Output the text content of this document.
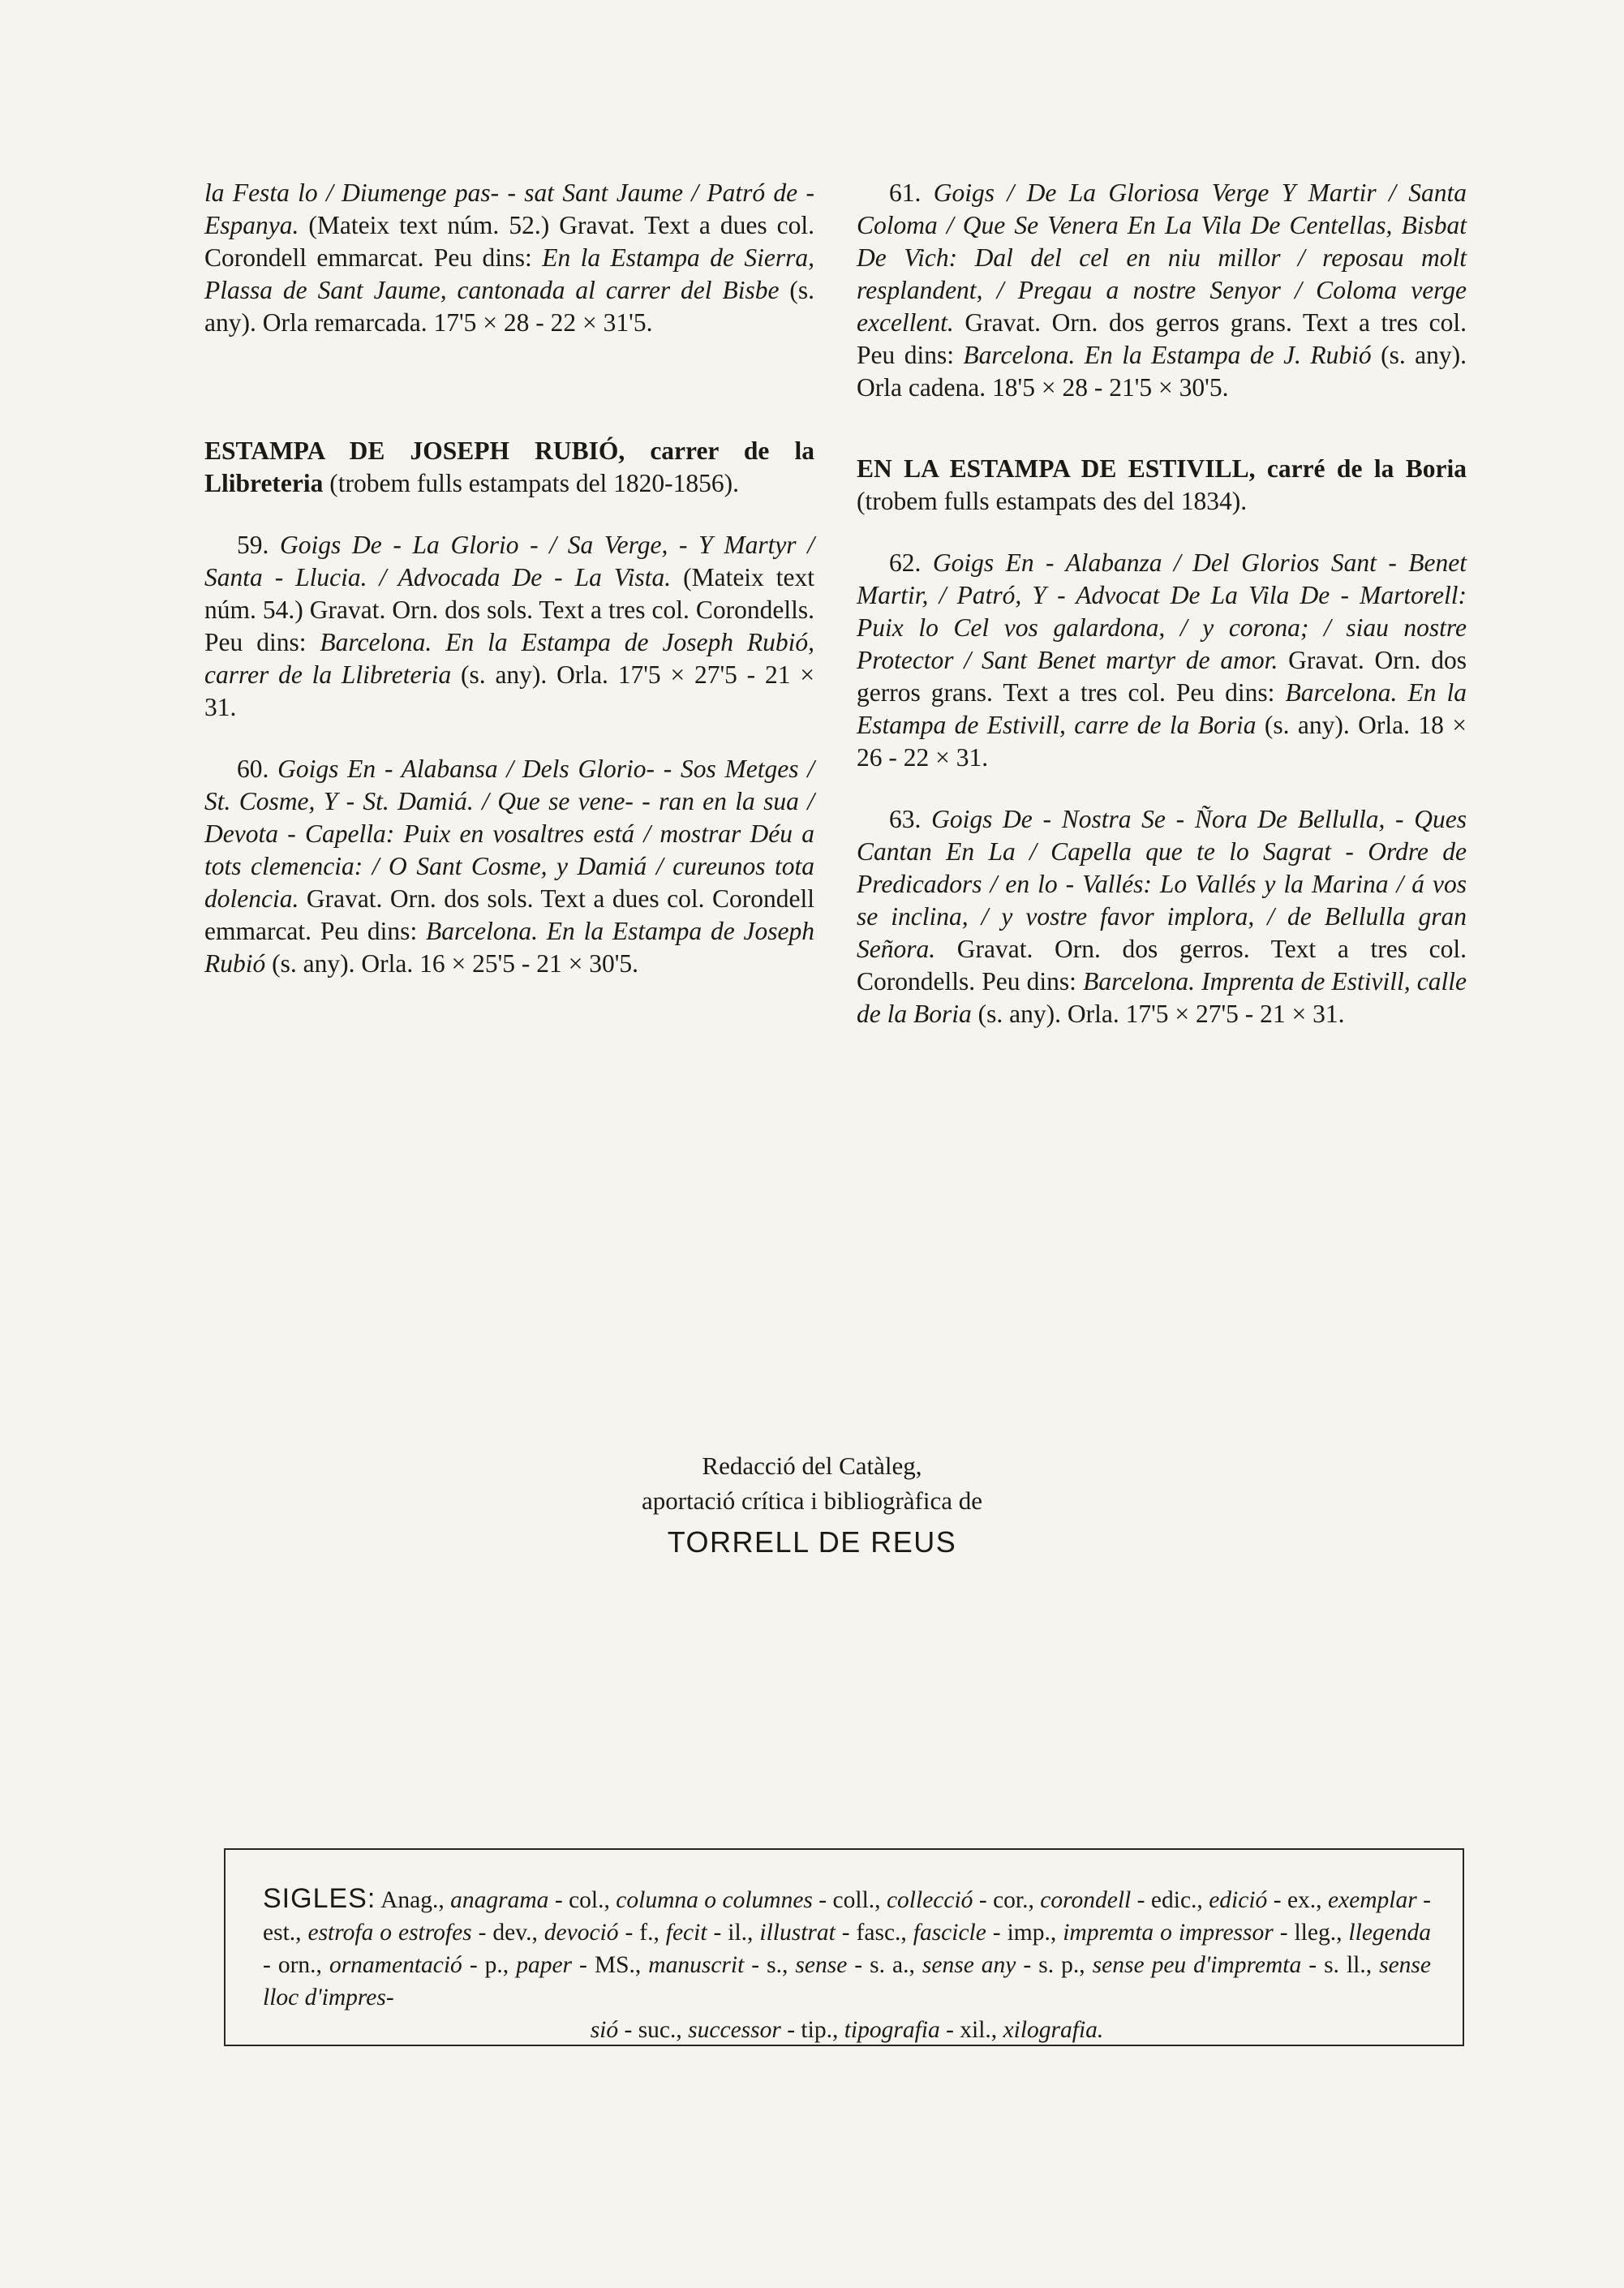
la Festa lo / Diumenge pas- - sat Sant Jaume / Patró de - Espanya. (Mateix text núm. 52.) Gravat. Text a dues col. Corondell emmarcat. Peu dins: En la Estampa de Sierra, Plassa de Sant Jaume, cantonada al carrer del Bisbe (s. any). Orla remarcada. 17'5 × 28 - 22 × 31'5.

ESTAMPA DE JOSEPH RUBIÓ, carrer de la Llibreteria (trobem fulls estampats del 1820-1856).

59. Goigs De - La Glorio - / Sa Verge, - Y Martyr / Santa - Llucia. / Advocada De - La Vista. (Mateix text núm. 54.) Gravat. Orn. dos sols. Text a tres col. Corondells. Peu dins: Barcelona. En la Estampa de Joseph Rubió, carrer de la Llibreteria (s. any). Orla. 17'5 × 27'5 - 21 × 31.

60. Goigs En - Alabansa / Dels Glorio- - Sos Metges / St. Cosme, Y - St. Damiá. / Que se vene- - ran en la sua / Devota - Capella: Puix en vosaltres está / mostrar Déu a tots clemencia: / O Sant Cosme, y Damiá / cureunos tota dolencia. Gravat. Orn. dos sols. Text a dues col. Corondell emmarcat. Peu dins: Barcelona. En la Estampa de Joseph Rubió (s. any). Orla. 16 × 25'5 - 21 × 30'5.

61. Goigs / De La Gloriosa Verge Y Martir / Santa Coloma / Que Se Venera En La Vila De Centellas, Bisbat De Vich: Dal del cel en niu millor / reposau molt resplandent, / Pregau a nostre Senyor / Coloma verge excellent. Gravat. Orn. dos gerros grans. Text a tres col. Peu dins: Barcelona. En la Estampa de J. Rubió (s. any). Orla cadena. 18'5 × 28 - 21'5 × 30'5.

EN LA ESTAMPA DE ESTIVILL, carré de la Boria (trobem fulls estampats des del 1834).

62. Goigs En - Alabanza / Del Glorios Sant - Benet Martir, / Patró, Y - Advocat De La Vila De - Martorell: Puix lo Cel vos galardona, / y corona; / siau nostre Protector / Sant Benet martyr de amor. Gravat. Orn. dos gerros grans. Text a tres col. Peu dins: Barcelona. En la Estampa de Estivill, carre de la Boria (s. any). Orla. 18 × 26 - 22 × 31.

63. Goigs De - Nostra Se - Ñora De Bellulla, - Ques Cantan En La / Capella que te lo Sagrat - Ordre de Predicadors / en lo - Vallés: Lo Vallés y la Marina / á vos se inclina, / y vostre favor implora, / de Bellulla gran Señora. Gravat. Orn. dos gerros. Text a tres col. Corondells. Peu dins: Barcelona. Imprenta de Estivill, calle de la Boria (s. any). Orla. 17'5 × 27'5 - 21 × 31.

Redacció del Catàleg,
aportació crítica i bibliogràfica de
TORRELL DE REUS
SIGLES: Anag., anagrama - col., columna o columnes - coll., collecció - cor., corondell - edic., edició - ex., exemplar - est., estrofa o estrofes - dev., devoció - f., fecit - il., illustrat - fasc., fascicle - imp., impremta o impressor - lleg., llegenda - orn., ornamentació - p., paper - MS., manuscrit - s., sense - s. a., sense any - s. p., sense peu d'impremta - s. ll., sense lloc d'impres-
sió - suc., successor - tip., tipografia - xil., xilografia.
